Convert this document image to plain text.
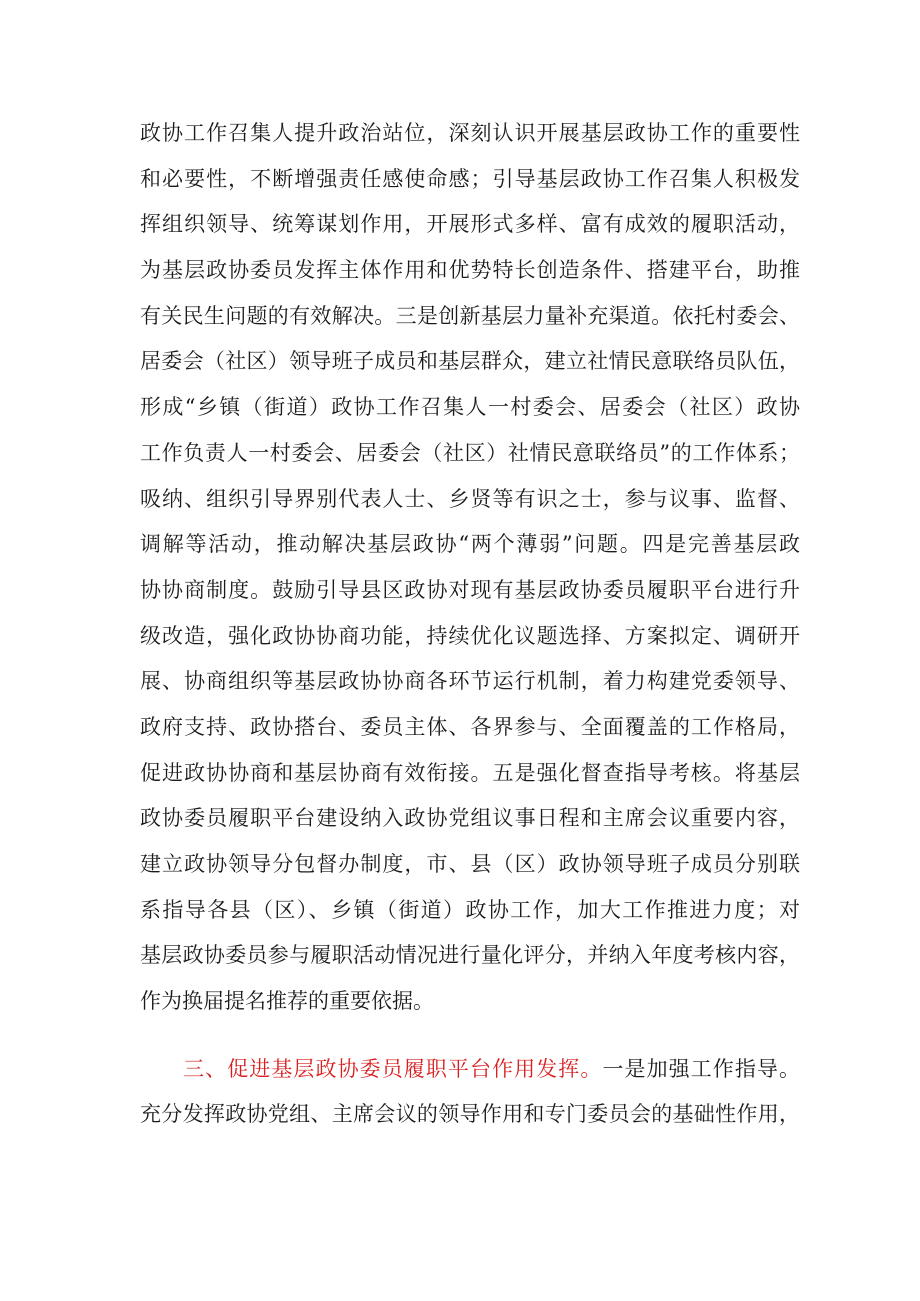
政协工作召集人提升政治站位，深刻认识开展基层政协工作的重要性
和必要性，不断增强责任感使命感；引导基层政协工作召集人积极发
挥组织领导、统筹谋划作用，开展形式多样、富有成效的履职活动，
为基层政协委员发挥主体作用和优势特长创造条件、搭建平台，助推
有关民生问题的有效解决。三是创新基层力量补充渠道。依托村委会、
居委会（社区）领导班子成员和基层群众，建立社情民意联络员队伍，
形成“乡镇（街道）政协工作召集人一村委会、居委会（社区）政协
工作负责人一村委会、居委会（社区）社情民意联络员”的工作体系；
吸纳、组织引导界别代表人士、乡贤等有识之士，参与议事、监督、
调解等活动，推动解决基层政协“两个薄弱”问题。四是完善基层政
协协商制度。鼓励引导县区政协对现有基层政协委员履职平台进行升
级改造，强化政协协商功能，持续优化议题选择、方案拟定、调研开
展、协商组织等基层政协协商各环节运行机制，着力构建党委领导、
政府支持、政协搭台、委员主体、各界参与、全面覆盖的工作格局，
促进政协协商和基层协商有效衔接。五是强化督查指导考核。将基层
政协委员履职平台建设纳入政协党组议事日程和主席会议重要内容，
建立政协领导分包督办制度，市、县（区）政协领导班子成员分别联
系指导各县（区）、乡镇（街道）政协工作，加大工作推进力度；对
基层政协委员参与履职活动情况进行量化评分，并纳入年度考核内容，
作为换届提名推荐的重要依据。
三、促进基层政协委员履职平台作用发挥。一是加强工作指导。
充分发挥政协党组、主席会议的领导作用和专门委员会的基础性作用，
